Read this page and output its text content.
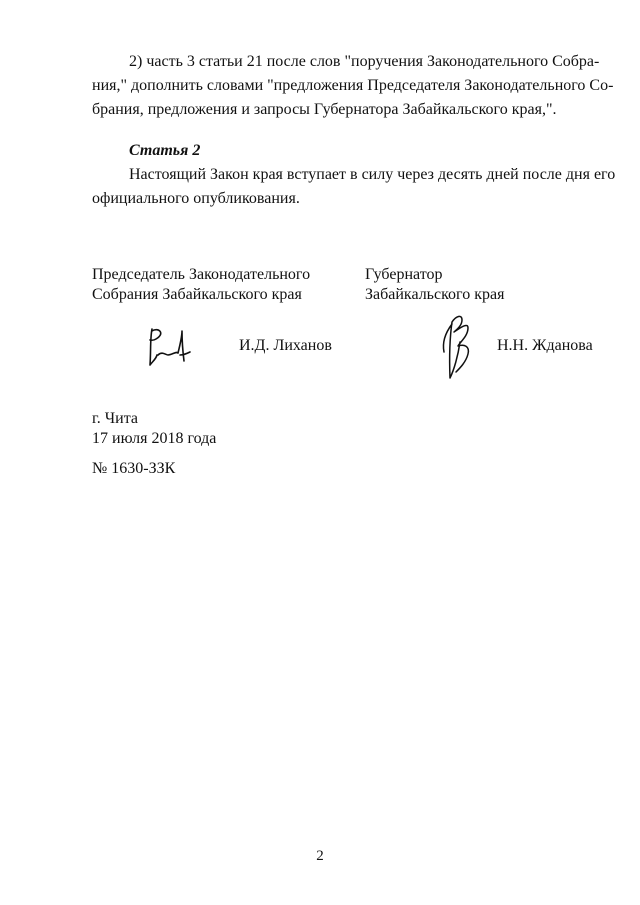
2) часть 3 статьи 21 после слов "поручения Законодательного Собра-
ния," дополнить словами "предложения Председателя Законодательного Со-
брания, предложения и запросы Губернатора Забайкальского края,".
Статья 2
Настоящий Закон края вступает в силу через десять дней после дня его
официального опубликования.
Председатель Законодательного
Собрания Забайкальского края
Губернатор
Забайкальского края
И.Д. Лиханов	Н.Н. Жданова
г. Чита
17 июля 2018 года
№ 1630-ЗЗК
2
